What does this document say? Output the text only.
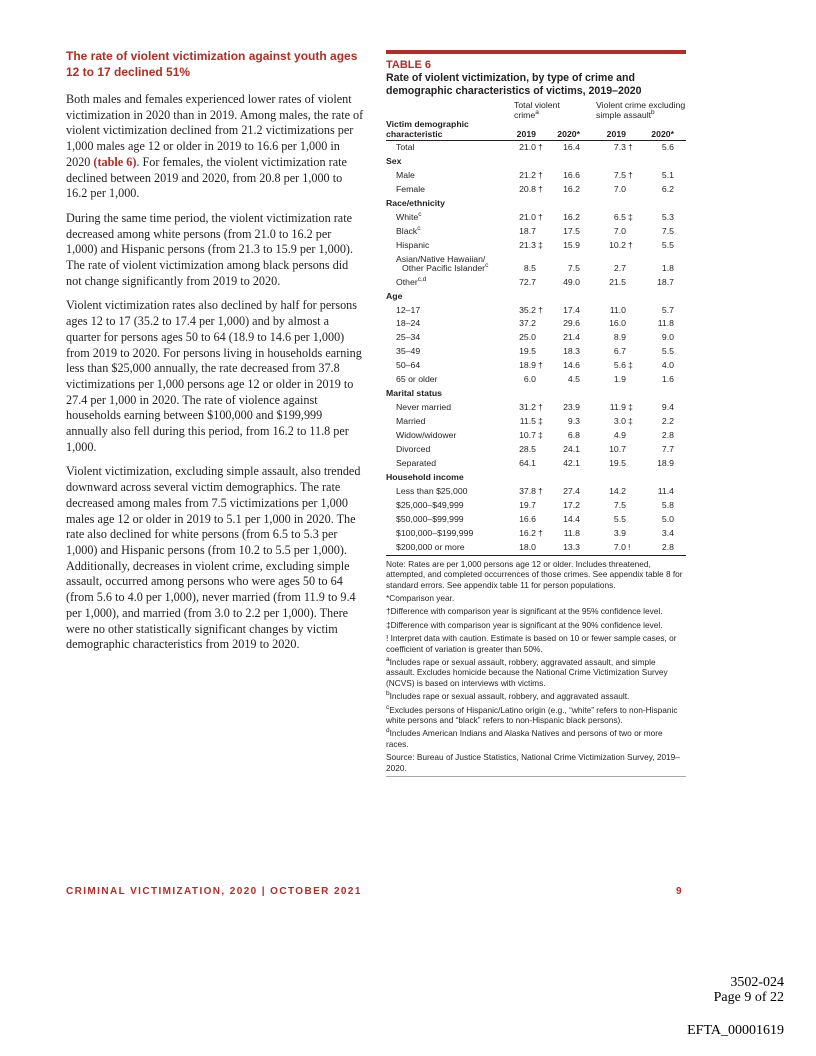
The rate of violent victimization against youth ages 12 to 17 declined 51%

Both males and females experienced lower rates of violent victimization in 2020 than in 2019. Among males, the rate of violent victimization declined from 21.2 victimizations per 1,000 males age 12 or older in 2019 to 16.6 per 1,000 in 2020 (table 6). For females, the violent victimization rate declined between 2019 and 2020, from 20.8 per 1,000 to 16.2 per 1,000.

During the same time period, the violent victimization rate decreased among white persons (from 21.0 to 16.2 per 1,000) and Hispanic persons (from 21.3 to 15.9 per 1,000). The rate of violent victimization among black persons did not change significantly from 2019 to 2020.

Violent victimization rates also declined by half for persons ages 12 to 17 (35.2 to 17.4 per 1,000) and by almost a quarter for persons ages 50 to 64 (18.9 to 14.6 per 1,000) from 2019 to 2020. For persons living in households earning less than $25,000 annually, the rate decreased from 37.8 victimizations per 1,000 persons age 12 or older in 2019 to 27.4 per 1,000 in 2020. The rate of violence against households earning between $100,000 and $199,999 annually also fell during this period, from 16.2 to 11.8 per 1,000.

Violent victimization, excluding simple assault, also trended downward across several victim demographics. The rate decreased among males from 7.5 victimizations per 1,000 males age 12 or older in 2019 to 5.1 per 1,000 in 2020. The rate also declined for white persons (from 6.5 to 5.3 per 1,000) and Hispanic persons (from 10.2 to 5.5 per 1,000). Additionally, decreases in violent crime, excluding simple assault, occurred among persons who were ages 50 to 64 (from 5.6 to 4.0 per 1,000), never married (from 11.9 to 9.4 per 1,000), and married (from 3.0 to 2.2 per 1,000). There were no other statistically significant changes by victim demographic characteristics from 2019 to 2020.

TABLE 6
Rate of violent victimization, by type of crime and demographic characteristics of victims, 2019–2020
	Total violent
crime$^a$		Violent crime excluding
simple assault$^b$
Victim demographic
characteristic	2019	2020*	2019	2020*
Total	21.0 †	16.4	7.3 †	5.6
Sex				
Male	21.2 †	16.6	7.5 †	5.1
Female	20.8 †	16.2	7.0	6.2
Race/ethnicity				
White$^c$	21.0 †	16.2	6.5 ‡	5.3
Black$^c$	18.7	17.5	7.0	7.5
Hispanic	21.3 ‡	15.9	10.2 †	5.5
Asian/Native Hawaiian/
Other Pacific Islander$^c$	8.5	7.5	2.7	1.8
Other$^{c,d}$	72.7	49.0	21.5	18.7
Age				
12–17	35.2 †	17.4	11.0	5.7
18–24	37.2	29.6	16.0	11.8
25–34	25.0	21.4	8.9	9.0
35–49	19.5	18.3	6.7	5.5
50–64	18.9 †	14.6	5.6 ‡	4.0
65 or older	6.0	4.5	1.9	1.6
Marital status				
Never married	31.2 †	23.9	11.9 ‡	9.4
Married	11.5 ‡	9.3	3.0 ‡	2.2
Widow/widower	10.7 ‡	6.8	4.9	2.8
Divorced	28.5	24.1	10.7	7.7
Separated	64.1	42.1	19.5	18.9
Household income				
Less than $25,000	37.8 †	27.4	14.2	11.4
$25,000–$49,999	19.7	17.2	7.5	5.8
$50,000–$99,999	16.6	14.4	5.5	5.0
$100,000–$199,999	16.2 †	11.8	3.9	3.4
$200,000 or more	18.0	13.3	7.0 !	2.8

Note: Rates are per 1,000 persons age 12 or older. Includes threatened, attempted, and completed occurrences of those crimes. See appendix table 8 for standard errors. See appendix table 11 for person populations.

*Comparison year.

†Difference with comparison year is significant at the 95% confidence level.

‡Difference with comparison year is significant at the 90% confidence level.

! Interpret data with caution. Estimate is based on 10 or fewer sample cases, or coefficient of variation is greater than 50%.

$^a$Includes rape or sexual assault, robbery, aggravated assault, and simple assault. Excludes homicide because the National Crime Victimization Survey (NCVS) is based on interviews with victims.

$^b$Includes rape or sexual assault, robbery, and aggravated assault.

$^c$Excludes persons of Hispanic/Latino origin (e.g., “white” refers to non-Hispanic white persons and “black” refers to non-Hispanic black persons).

$^d$Includes American Indians and Alaska Natives and persons of two or more races.

Source: Bureau of Justice Statistics, National Crime Victimization Survey, 2019–2020.

CRIMINAL VICTIMIZATION, 2020 | OCTOBER 2021	9
3502-024
Page 9 of 22
EFTA_00001619
